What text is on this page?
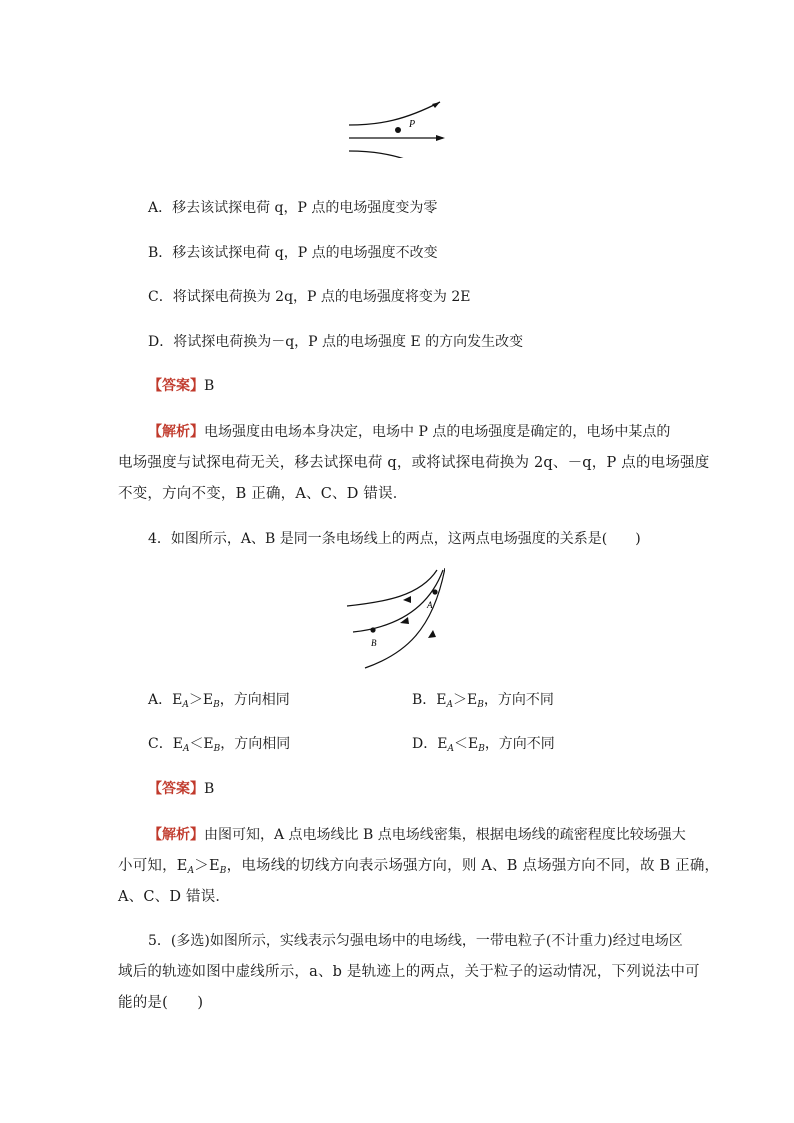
P
A．移去该试探电荷 q，P 点的电场强度变为零
B．移去该试探电荷 q，P 点的电场强度不改变
C．将试探电荷换为 2q，P 点的电场强度将变为 2E
D．将试探电荷换为－q，P 点的电场强度 E 的方向发生改变
【答案】B
【解析】电场强度由电场本身决定，电场中 P 点的电场强度是确定的，电场中某点的
电场强度与试探电荷无关，移去试探电荷 q，或将试探电荷换为 2q、－q，P 点的电场强度
不变，方向不变，B 正确，A、C、D 错误．
4．如图所示，A、B 是同一条电场线上的两点，这两点电场强度的关系是(　　)
A
B
A．$E_A>E_B$，方向相同	B．$E_A>E_B$，方向不同
C．$E_A<E_B$，方向相同	D．$E_A<E_B$，方向不同
【答案】B
【解析】由图可知，A 点电场线比 B 点电场线密集，根据电场线的疏密程度比较场强大
小可知，$E_A>E_B$，电场线的切线方向表示场强方向，则 A、B 点场强方向不同，故 B 正确，
A、C、D 错误．
5．(多选)如图所示，实线表示匀强电场中的电场线，一带电粒子(不计重力)经过电场区
域后的轨迹如图中虚线所示，a、b 是轨迹上的两点，关于粒子的运动情况，下列说法中可
能的是(　　)
